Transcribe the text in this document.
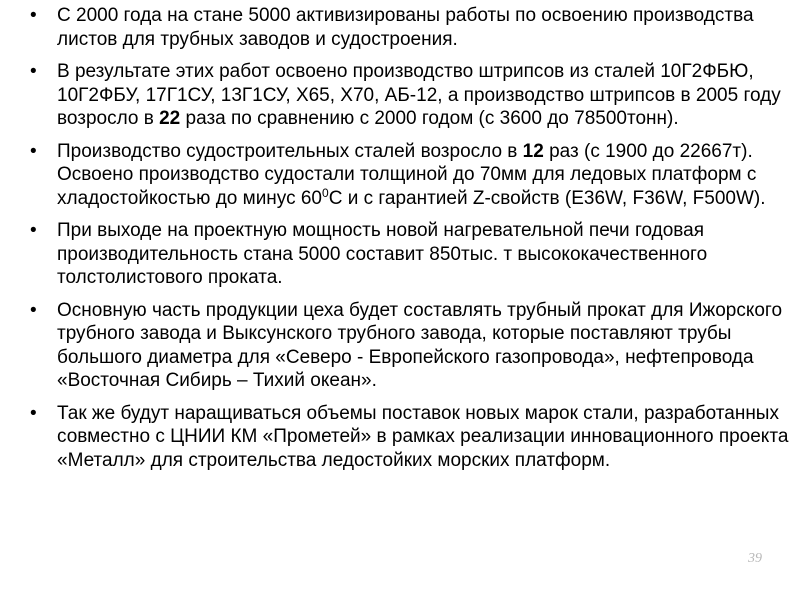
• С 2000 года на стане 5000 активизированы работы по освоению производства листов для трубных заводов и судостроения.
• В результате этих работ освоено производство штрипсов из сталей 10Г2ФБЮ, 10Г2ФБУ, 17Г1СУ, 13Г1СУ, Х65, Х70, АБ-12, а производство штрипсов в 2005 году возросло в 22 раза по сравнению с 2000 годом (с 3600 до 78500тонн).
• Производство судостроительных сталей возросло в 12 раз (с 1900 до 22667т). Освоено производство судостали толщиной до 70мм для ледовых платформ с хладостойкостью до минус $60^0С$ и с гарантией Z-свойств (Е36W, F36W, F500W).
• При выходе на проектную мощность новой нагревательной печи годовая производительность стана 5000 составит 850тыс. т высококачественного толстолистового проката.
• Основную часть продукции цеха будет составлять трубный прокат для Ижорского трубного завода и Выксунского трубного завода, которые поставляют трубы большого диаметра для «Северо - Европейского газопровода», нефтепровода «Восточная Сибирь – Тихий океан».
• Так же будут наращиваться объемы поставок новых марок стали, разработанных совместно с ЦНИИ КМ «Прометей» в рамках реализации инновационного проекта «Металл» для строительства ледостойких морских платформ.
39
